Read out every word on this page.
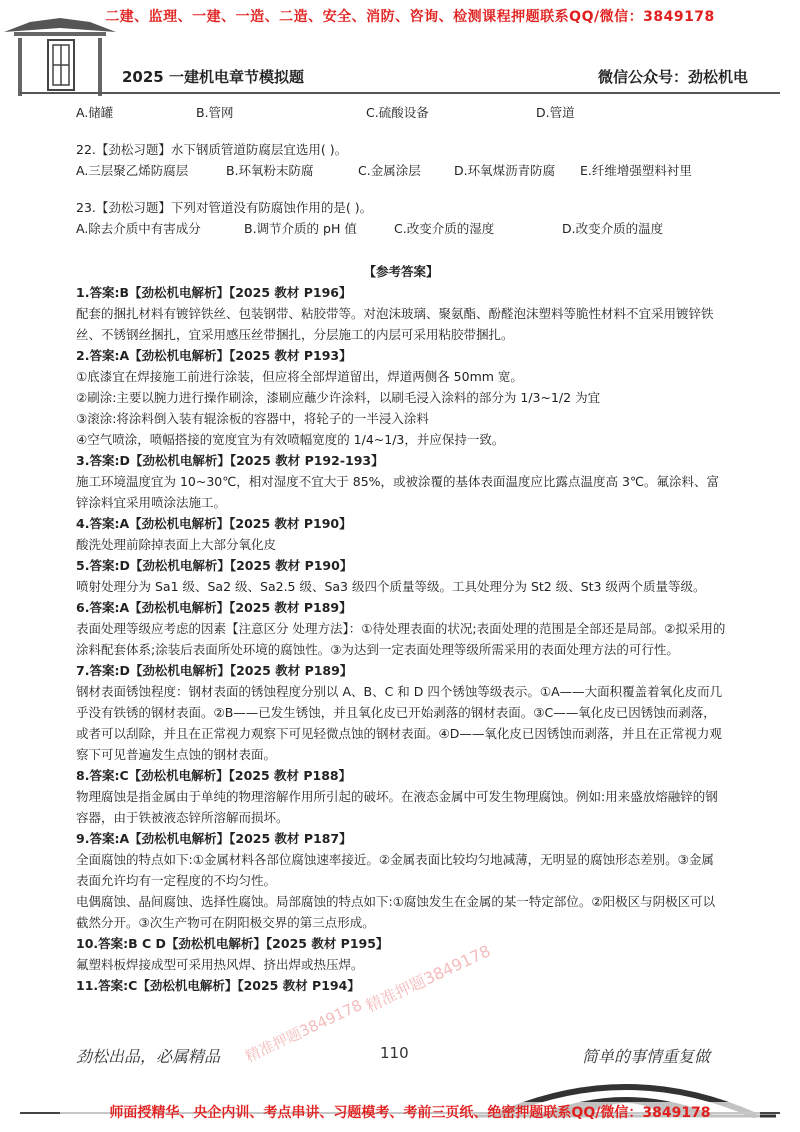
二建、监理、一建、一造、二造、安全、消防、咨询、检测课程押题联系QQ/微信：3849178
2025 一建机电章节模拟题	微信公众号：劲松机电
A.储罐	B.管网	C.硫酸设备	D.管道
22.【劲松习题】水下钢质管道防腐层宜选用( )。
A.三层聚乙烯防腐层	B.环氧粉末防腐	C.金属涂层	D.环氧煤沥青防腐	E.纤维增强塑料衬里
23.【劲松习题】下列对管道没有防腐蚀作用的是( )。
A.除去介质中有害成分	B.调节介质的 pH 值	C.改变介质的湿度	D.改变介质的温度
【参考答案】
1.答案:B【劲松机电解析】【2025 教材 P196】
配套的捆扎材料有镀锌铁丝、包装钢带、粘胶带等。对泡沫玻璃、聚氨酯、酚醛泡沫塑料等脆性材料不宜采用镀锌铁丝、不锈钢丝捆扎，宜采用感压丝带捆扎，分层施工的内层可采用粘胶带捆扎。
2.答案:A【劲松机电解析】【2025 教材 P193】
①底漆宜在焊接施工前进行涂装，但应将全部焊道留出，焊道两侧各 50mm 宽。
②刷涂:主要以腕力进行操作刷涂，漆刷应蘸少许涂料，以刷毛浸入涂料的部分为 1/3~1/2 为宜
③滚涂:将涂料倒入装有辊涂板的容器中，将轮子的一半浸入涂料
④空气喷涂，喷幅搭接的宽度宜为有效喷幅宽度的 1/4~1/3，并应保持一致。
3.答案:D【劲松机电解析】【2025 教材 P192-193】
施工环境温度宜为 10~30℃，相对湿度不宜大于 85%，或被涂覆的基体表面温度应比露点温度高 3℃。氟涂料、富锌涂料宜采用喷涂法施工。
4.答案:A【劲松机电解析】【2025 教材 P190】
酸洗处理前除掉表面上大部分氧化皮
5.答案:D【劲松机电解析】【2025 教材 P190】
喷射处理分为 Sa1 级、Sa2 级、Sa2.5 级、Sa3 级四个质量等级。工具处理分为 St2 级、St3 级两个质量等级。
6.答案:A【劲松机电解析】【2025 教材 P189】
表面处理等级应考虑的因素【注意区分 处理方法】：①待处理表面的状况;表面处理的范围是全部还是局部。②拟采用的涂料配套体系;涂装后表面所处环境的腐蚀性。③为达到一定表面处理等级所需采用的表面处理方法的可行性。
7.答案:D【劲松机电解析】【2025 教材 P189】
钢材表面锈蚀程度：钢材表面的锈蚀程度分别以 A、B、C 和 D 四个锈蚀等级表示。①A——大面积覆盖着氧化皮而几乎没有铁锈的钢材表面。②B——已发生锈蚀，并且氧化皮已开始剥落的钢材表面。③C——氧化皮已因锈蚀而剥落，或者可以刮除，并且在正常视力观察下可见轻微点蚀的钢材表面。④D——氧化皮已因锈蚀而剥落，并且在正常视力观察下可见普遍发生点蚀的钢材表面。
8.答案:C【劲松机电解析】【2025 教材 P188】
物理腐蚀是指金属由于单纯的物理溶解作用所引起的破坏。在液态金属中可发生物理腐蚀。例如:用来盛放熔融锌的钢容器，由于铁被液态锌所溶解而损坏。
9.答案:A【劲松机电解析】【2025 教材 P187】
全面腐蚀的特点如下:①金属材料各部位腐蚀速率接近。②金属表面比较均匀地减薄，无明显的腐蚀形态差别。③金属表面允许均有一定程度的不均匀性。
电偶腐蚀、晶间腐蚀、选择性腐蚀。局部腐蚀的特点如下:①腐蚀发生在金属的某一特定部位。②阳极区与阴极区可以截然分开。③次生产物可在阴阳极交界的第三点形成。
10.答案:B C D【劲松机电解析】【2025 教材 P195】
氟塑料板焊接成型可采用热风焊、挤出焊或热压焊。
11.答案:C【劲松机电解析】【2025 教材 P194】 精准押题3849178
精准押题3849178
劲松出品，必属精品	110	简单的事情重复做
师面授精华、央企内训、考点串讲、习题模考、考前三页纸、绝密押题联系QQ/微信：3849178
